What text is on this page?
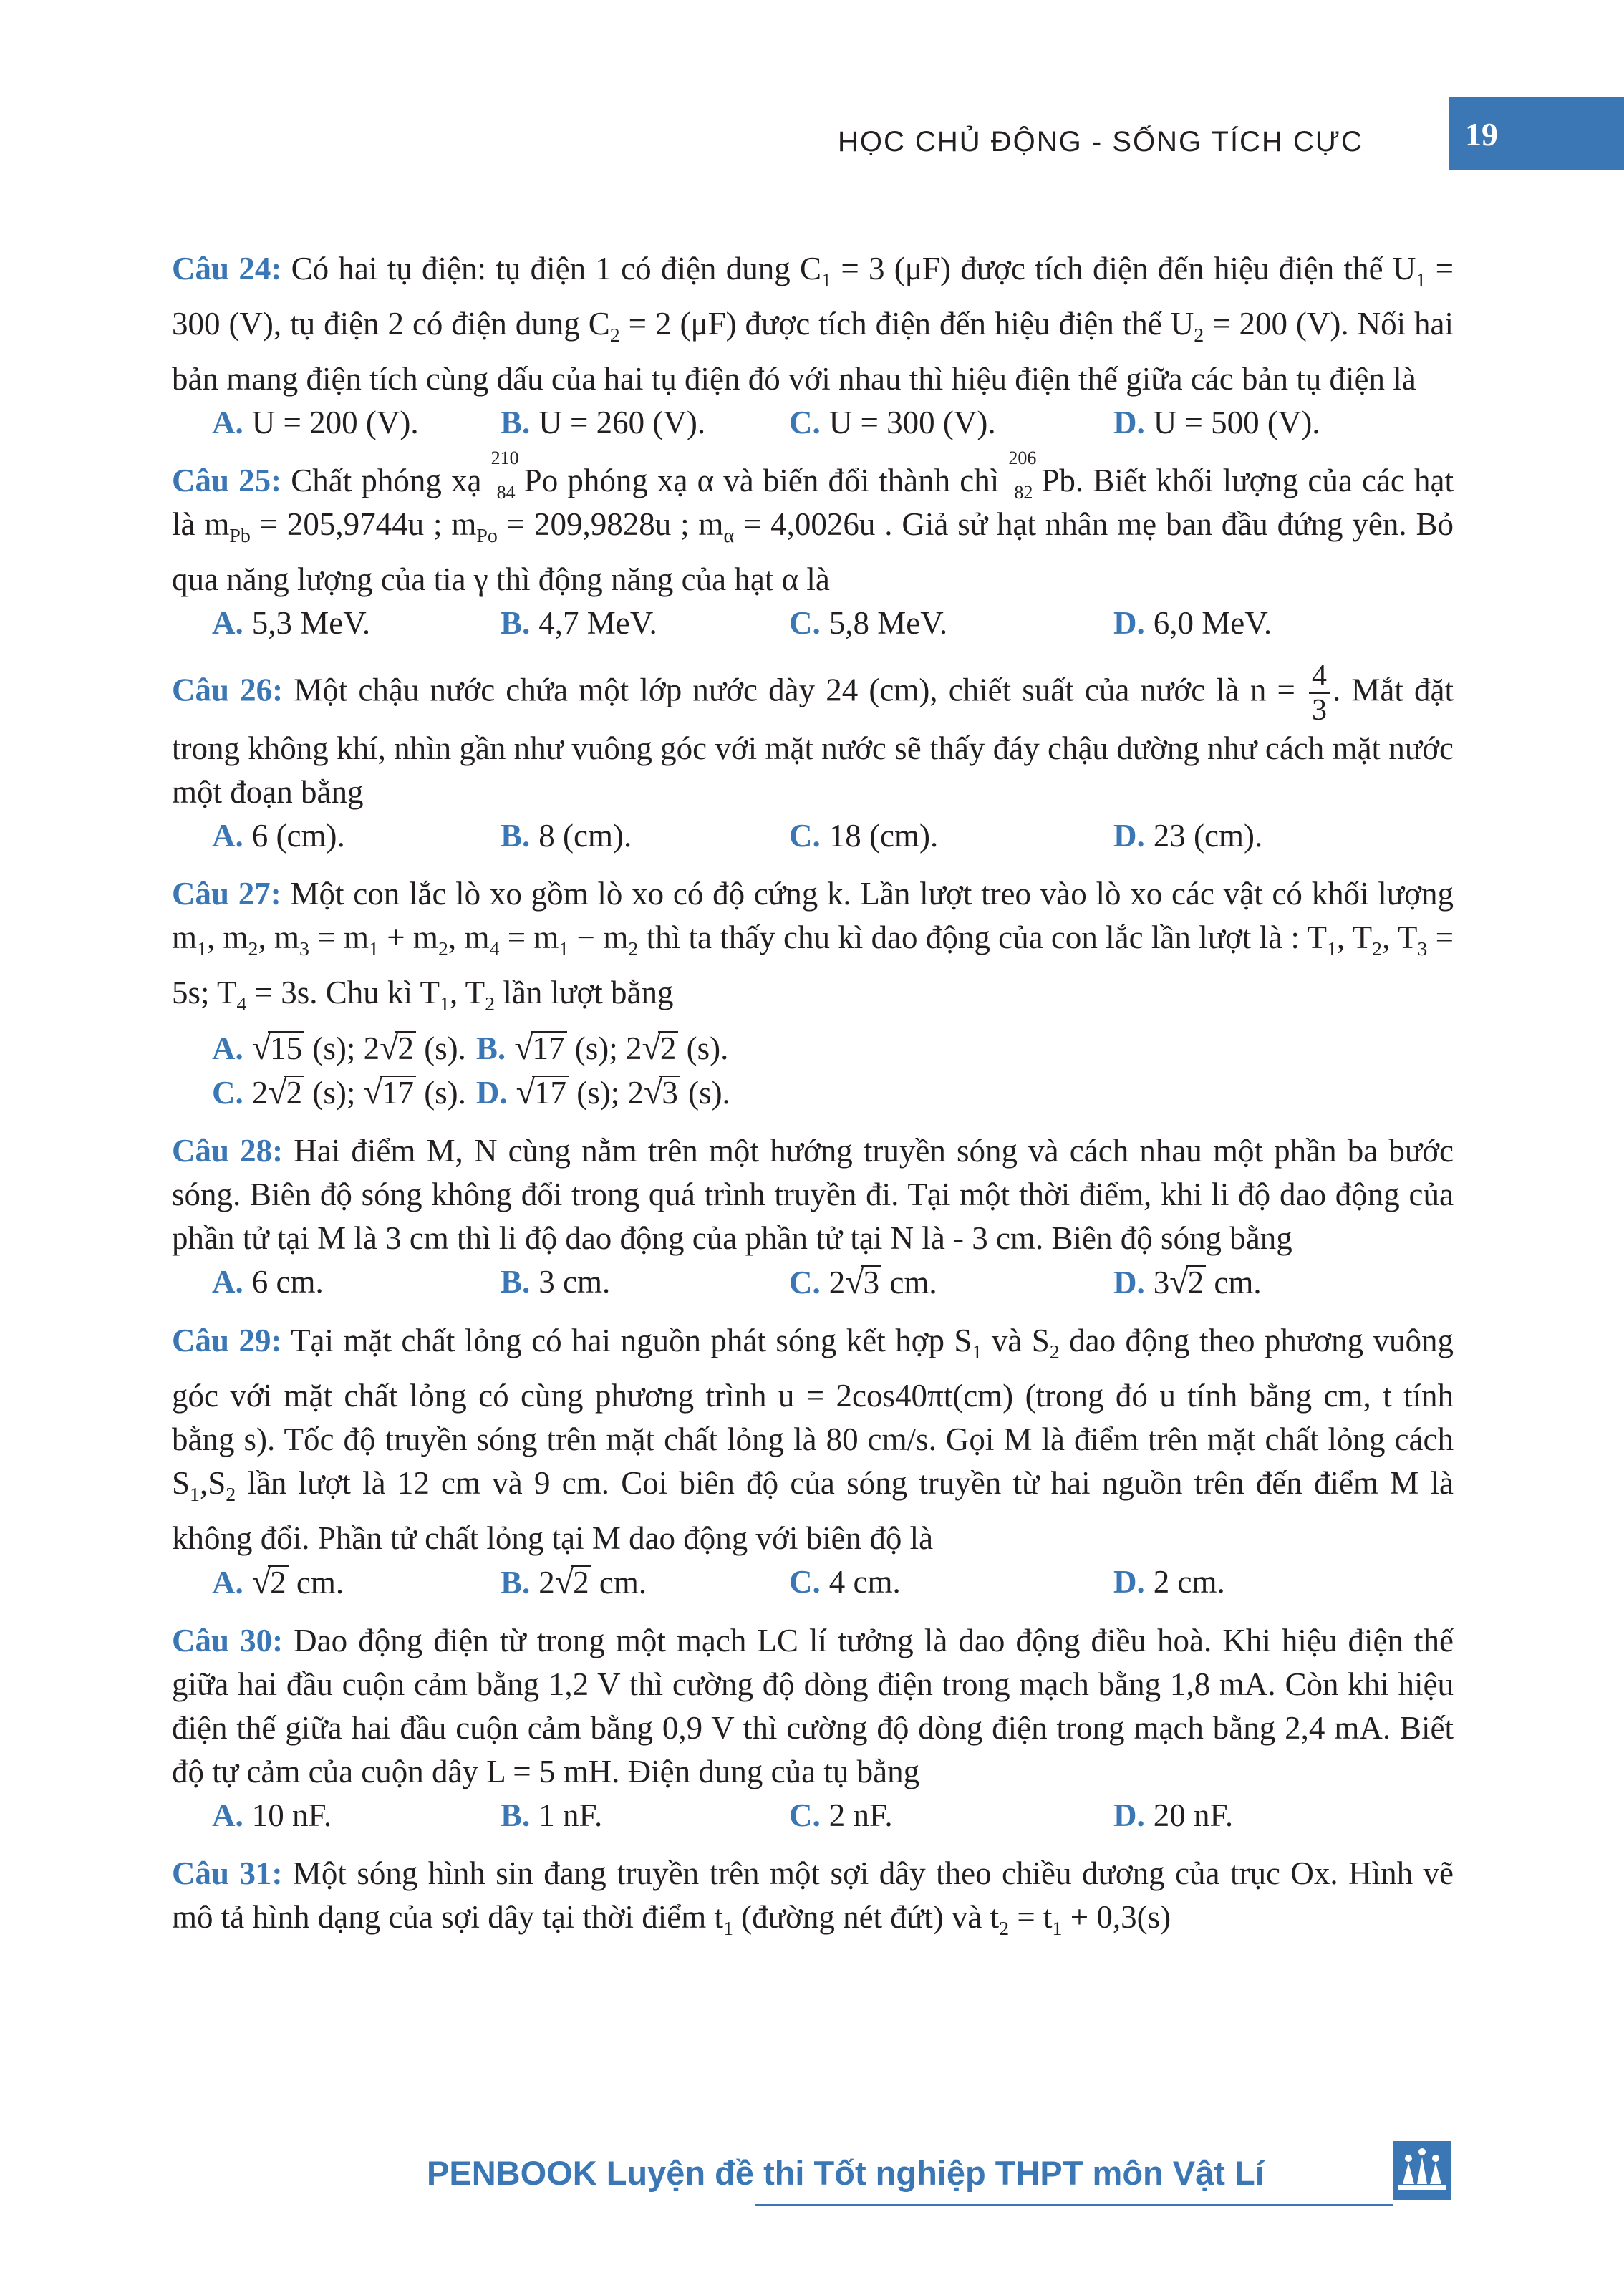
HỌC CHỦ ĐỘNG - SỐNG TÍCH CỰC	19
Câu 24: Có hai tụ điện: tụ điện 1 có điện dung $C_1 = 3$ (μF) được tích điện đến hiệu điện thế $U_1 = 300$ (V), tụ điện 2 có điện dung $C_2 = 2$ (μF) được tích điện đến hiệu điện thế $U_2 = 200$ (V). Nối hai bản mang điện tích cùng dấu của hai tụ điện đó với nhau thì hiệu điện thế giữa các bản tụ điện là
A. U = 200 (V).	B. U = 260 (V).	C. U = 300 (V).	D. U = 500 (V).
Câu 25: Chất phóng xạ
210
84 Po phóng xạ α và biến đổi thành chì
206
82 Pb. Biết khối lượng của các hạt là $m_{Pb} = 205,9744u$ ; $m_{Po} = 209,9828u$ ; $m_\alpha = 4,0026u$ . Giả sử hạt nhân mẹ ban đầu đứng yên. Bỏ qua năng lượng của tia γ thì động năng của hạt α là
A. 5,3 MeV.	B. 4,7 MeV.	C. 5,8 MeV.	D. 6,0 MeV.
Câu 26: Một chậu nước chứa một lớp nước dày 24 (cm), chiết suất của nước là $n = \frac{4}{3}$ . Mắt đặt trong không khí, nhìn gần như vuông góc với mặt nước sẽ thấy đáy chậu dường như cách mặt nước một đoạn bằng
A. 6 (cm).	B. 8 (cm).	C. 18 (cm).	D. 23 (cm).
Câu 27: Một con lắc lò xo gồm lò xo có độ cứng k. Lần lượt treo vào lò xo các vật có khối lượng $m_1$, $m_2$, $m_3 = m_1 + m_2$, $m_4 = m_1 - m_2$ thì ta thấy chu kì dao động của con lắc lần lượt là : $T_1$, $T_2$, $T_3 = 5s$; $T_4 = 3s$. Chu kì $T_1$, $T_2$ lần lượt bằng
A. √15 (s); 2√2 (s). B. √17 (s); 2√2 (s).
C. 2√2 (s); √17 (s). D. √17 (s); 2√3 (s).
Câu 28: Hai điểm M, N cùng nằm trên một hướng truyền sóng và cách nhau một phần ba bước sóng. Biên độ sóng không đổi trong quá trình truyền đi. Tại một thời điểm, khi li độ dao động của phần tử tại M là 3 cm thì li độ dao động của phần tử tại N là - 3 cm. Biên độ sóng bằng
A. 6 cm.	B. 3 cm.	C. 2√3 cm.	D. 3√2 cm.
Câu 29: Tại mặt chất lỏng có hai nguồn phát sóng kết hợp $S_1$ và $S_2$ dao động theo phương vuông góc với mặt chất lỏng có cùng phương trình u = 2cos40πt(cm) (trong đó u tính bằng cm, t tính bằng s). Tốc độ truyền sóng trên mặt chất lỏng là 80 cm/s. Gọi M là điểm trên mặt chất lỏng cách $S_1,S_2$ lần lượt là 12 cm và 9 cm. Coi biên độ của sóng truyền từ hai nguồn trên đến điểm M là không đổi. Phần tử chất lỏng tại M dao động với biên độ là
A. √2 cm.	B. 2√2 cm.	C. 4 cm.	D. 2 cm.
Câu 30: Dao động điện từ trong một mạch LC lí tưởng là dao động điều hoà. Khi hiệu điện thế giữa hai đầu cuộn cảm bằng 1,2 V thì cường độ dòng điện trong mạch bằng 1,8 mA. Còn khi hiệu điện thế giữa hai đầu cuộn cảm bằng 0,9 V thì cường độ dòng điện trong mạch bằng 2,4 mA. Biết độ tự cảm của cuộn dây L = 5 mH. Điện dung của tụ bằng
A. 10 nF.	B. 1 nF.	C. 2 nF.	D. 20 nF.
Câu 31: Một sóng hình sin đang truyền trên một sợi dây theo chiều dương của trục Ox. Hình vẽ mô tả hình dạng của sợi dây tại thời điểm $t_1$ (đường nét đứt) và $t_2 = t_1 + 0,3(s)$
PENBOOK Luyện đề thi Tốt nghiệp THPT môn Vật Lí
